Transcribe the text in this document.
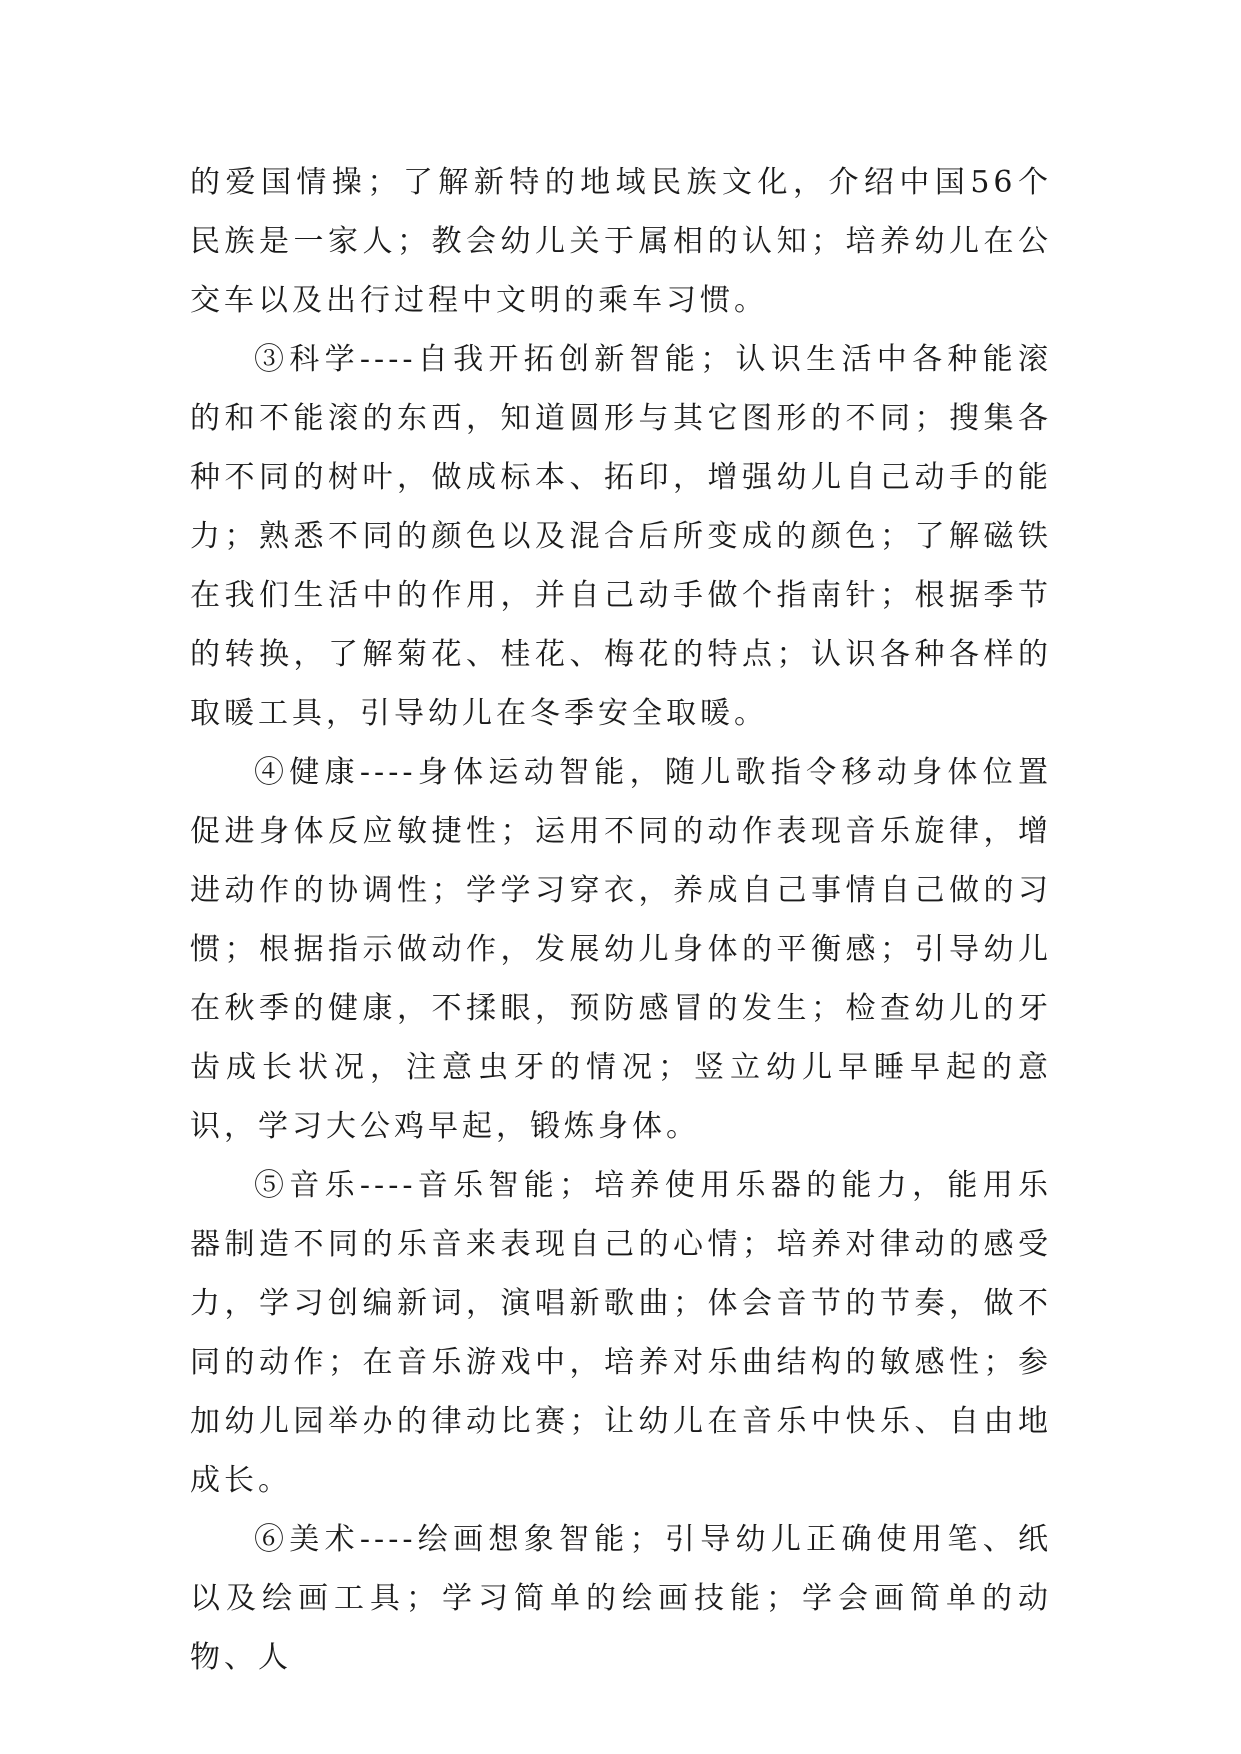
的爱国情操；了解新特的地域民族文化，介绍中国56个民族是一家人；教会幼儿关于属相的认知；培养幼儿在公交车以及出行过程中文明的乘车习惯。

③科学----自我开拓创新智能；认识生活中各种能滚的和不能滚的东西，知道圆形与其它图形的不同；搜集各种不同的树叶，做成标本、拓印，增强幼儿自己动手的能力；熟悉不同的颜色以及混合后所变成的颜色；了解磁铁在我们生活中的作用，并自己动手做个指南针；根据季节的转换，了解菊花、桂花、梅花的特点；认识各种各样的取暖工具，引导幼儿在冬季安全取暖。

④健康----身体运动智能，随儿歌指令移动身体位置促进身体反应敏捷性；运用不同的动作表现音乐旋律，增进动作的协调性；学学习穿衣，养成自己事情自己做的习惯；根据指示做动作，发展幼儿身体的平衡感；引导幼儿在秋季的健康，不揉眼，预防感冒的发生；检查幼儿的牙齿成长状况，注意虫牙的情况；竖立幼儿早睡早起的意识，学习大公鸡早起，锻炼身体。

⑤音乐----音乐智能；培养使用乐器的能力，能用乐器制造不同的乐音来表现自己的心情；培养对律动的感受力，学习创编新词，演唱新歌曲；体会音节的节奏，做不同的动作；在音乐游戏中，培养对乐曲结构的敏感性；参加幼儿园举办的律动比赛；让幼儿在音乐中快乐、自由地成长。

⑥美术----绘画想象智能；引导幼儿正确使用笔、纸以及绘画工具；学习简单的绘画技能；学会画简单的动物、人
